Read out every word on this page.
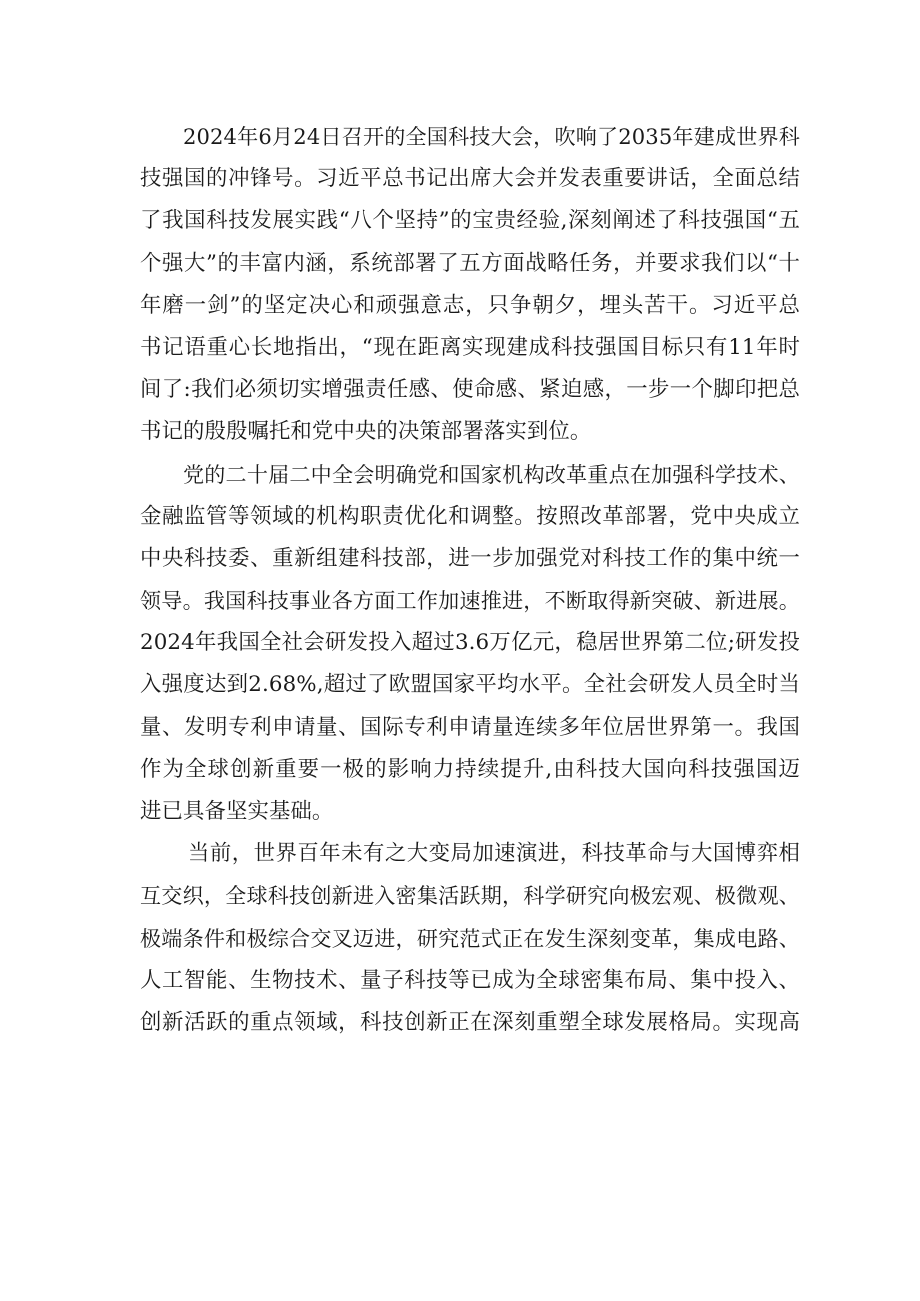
2024年6月24日召开的全国科技大会，吹响了2035年建成世界科
技强国的冲锋号。习近平总书记出席大会并发表重要讲话，全面总结
了我国科技发展实践“八个坚持”的宝贵经验,深刻阐述了科技强国“五
个强大”的丰富内涵，系统部署了五方面战略任务，并要求我们以“十
年磨一剑”的坚定决心和顽强意志，只争朝夕，埋头苦干。习近平总
书记语重心长地指出，“现在距离实现建成科技强国目标只有11年时
间了:我们必须切实增强责任感、使命感、紧迫感，一步一个脚印把总
书记的殷殷嘱托和党中央的决策部署落实到位。
党的二十届二中全会明确党和国家机构改革重点在加强科学技术、
金融监管等领域的机构职责优化和调整。按照改革部署，党中央成立
中央科技委、重新组建科技部，进一步加强党对科技工作的集中统一
领导。我国科技事业各方面工作加速推进，不断取得新突破、新进展。
2024年我国全社会研发投入超过3.6万亿元，稳居世界第二位;研发投
入强度达到2.68%,超过了欧盟国家平均水平。全社会研发人员全时当
量、发明专利申请量、国际专利申请量连续多年位居世界第一。我国
作为全球创新重要一极的影响力持续提升,由科技大国向科技强国迈
进已具备坚实基础。
当前，世界百年未有之大变局加速演进，科技革命与大国博弈相
互交织，全球科技创新进入密集活跃期，科学研究向极宏观、极微观、
极端条件和极综合交叉迈进，研究范式正在发生深刻变革，集成电路、
人工智能、生物技术、量子科技等已成为全球密集布局、集中投入、
创新活跃的重点领域，科技创新正在深刻重塑全球发展格局。实现高
